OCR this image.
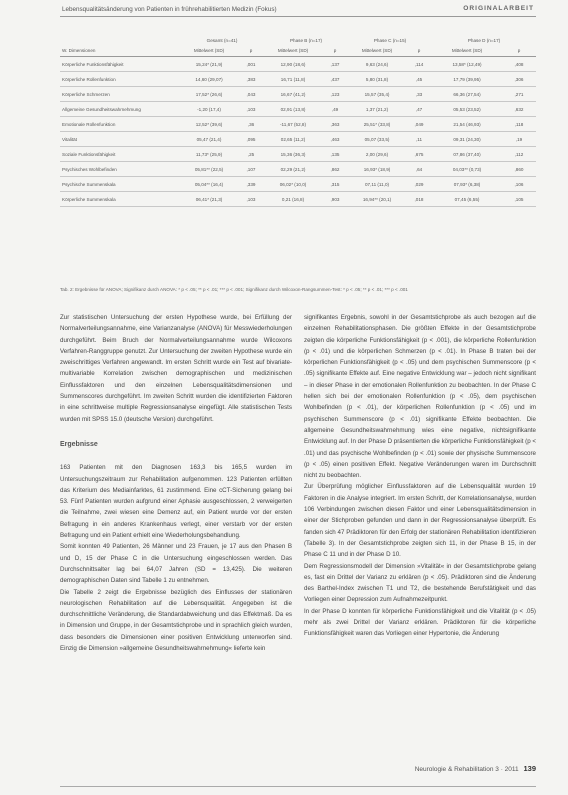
Lebensqualitätsänderung von Patienten in frührehabilitierten Medizin (Fokus)	ORIGINALARBEIT
	Gesamt (n=41)		Phase B (n=17)		Phase C (n=15)		Phase D (n=17)	
W. Dimensionen	Mittelwert (SD)	p	Mittelwert (SD)	p	Mittelwert (SD)	p	Mittelwert (SD)	p
Körperliche Funktionsfähigkeit	15,24* (21,9)	,001	12,90 (18,6)	,137	9,63 (24,6)	,114	13,58* (12,49)	,408
Körperliche Rollenfunktion	14,60 (29,07)	,383	16,71 (11,8)	,437	5,80 (31,8)	,45	17,79 (39,95)	,306
Körperliche Schmerzen	17,52* (26,6)	,043	16,67 (41,2)	,123	15,57 (35,4)	,33	66,36 (27,54)	,271
Allgemeine Gesundheitswahrnehmung	-1,20 (17,4)	,103	02,91 (13,8)	,49	1,37 (21,2)	,47	05,53 (23,52)	,632
Emotionale Rollenfunktion	12,52* (39,6)	,36	-11,67 (52,8)	,363	25,51* (33,8)	,049	21,54 (46,93)	,118
Vitalität	05,47 (21,4)	,095	02,65 (11,2)	,463	05,07 (33,5)	,11	09,31 (24,30)	,19
Soziale Funktionsfähigkeit	11,73* (25,9)	,25	15,36 (36,3)	,135	2,00 (29,6)	,675	07,86 (37,40)	,112
Psychisches Wohlbefinden	05,81** (22,5)	,107	02,29 (21,2)	,862	16,93* (18,9)	,64	04,03** (0,73)	,860
Psychische Summenskala	05,04** (16,4)	,339	06,02* (10,0)	,315	07,11 (11,0)	,029	07,93* (6,38)	,106
Körperliche Summenskala	06,41* (21,3)	,103	0,21 (16,8)	,903	16,94** (20,1)	,018	07,45 (6,55)	,105
Tab. 2: Ergebnisse für ANOVA; Signifikanz durch ANOVA: * p < .05; ** p < .01; *** p < .001; Signifikanz durch Wilcoxon-Rangsummen-Test: * p < .05; ** p < .01; *** p < .001

Zur statistischen Untersuchung der ersten Hypothese wurde, bei Erfüllung der Normalverteilungsannahme, eine Varianzanalyse (ANOVA) für Messwiederholungen durchgeführt. Beim Bruch der Normalverteilungsannahme wurde Wilcoxons Verfahren-Ranggruppe genutzt. Zur Untersuchung der zweiten Hypothese wurde ein zweischrittiges Verfahren angewandt. Im ersten Schritt wurde ein Test auf bivariate-multivariable Korrelation zwischen demographischen und medizinischen Einflussfaktoren und den einzelnen Lebensqualitätsdimensionen und Summenscores durchgeführt. Im zweiten Schritt wurden die identifizierten Faktoren in eine schrittweise multiple Regressionsanalyse eingefügt. Alle statistischen Tests wurden mit SPSS 15.0 (deutsche Version) durchgeführt.

Ergebnisse

163 Patienten mit den Diagnosen 163,3 bis 165,5 wurden im Untersuchungszeitraum zur Rehabilitation aufgenommen. 123 Patienten erfüllten das Kriterium des Mediainfarktes, 61 zustimmend. Eine cCT-Sicherung gelang bei 53. Fünf Patienten wurden aufgrund einer Aphasie ausgeschlossen, 2 verweigerten die Teilnahme, zwei wiesen eine Demenz auf, ein Patient wurde vor der ersten Befragung in ein anderes Krankenhaus verlegt, einer verstarb vor der ersten Befragung und ein Patient erhielt eine Wiederholungsbehandlung.

Somit konnten 49 Patienten, 26 Männer und 23 Frauen, je 17 aus den Phasen B und D, 15 der Phase C in die Untersuchung eingeschlossen werden. Das Durchschnittsalter lag bei 64,07 Jahren (SD = 13,425). Die weiteren demographischen Daten sind Tabelle 1 zu entnehmen.

Die Tabelle 2 zeigt die Ergebnisse bezüglich des Einflusses der stationären neurologischen Rehabilitation auf die Lebensqualität. Angegeben ist die durchschnittliche Veränderung, die Standardabweichung und das Effektmaß. Da es in Dimension und Gruppe, in der Gesamtstichprobe und in sprachlich gleich wurden, dass besonders die Dimensionen einer positiven Entwicklung unterworfen sind. Einzig die Dimension »allgemeine Gesundheitswahrnehmung« lieferte kein

signifikantes Ergebnis, sowohl in der Gesamtstichprobe als auch bezogen auf die einzelnen Rehabilitationsphasen. Die größten Effekte in der Gesamtstichprobe zeigten die körperliche Funktionsfähigkeit (p < .001), die körperliche Rollenfunktion (p < .01) und die körperlichen Schmerzen (p < .01). In Phase B traten bei der körperlichen Funktionsfähigkeit (p < .05) und dem psychischen Summenscore (p < .05) signifikante Effekte auf. Eine negative Entwicklung war – jedoch nicht signifikant – in dieser Phase in der emotionalen Rollenfunktion zu beobachten. In der Phase C hellen sich bei der emotionalen Rollenfunktion (p < .05), dem psychischen Wohlbefinden (p < .01), der körperlichen Rollenfunktion (p < .05) und im psychischen Summenscore (p < .01) signifikante Effekte beobachten. Die allgemeine Gesundheitswahrnehmung wies eine negative, nichtsignifikante Entwicklung auf. In der Phase D präsentierten die körperliche Funktionsfähigkeit (p < .01) und das psychische Wohlbefinden (p < .01) sowie der physische Summenscore (p < .05) einen positiven Effekt. Negative Veränderungen waren im Durchschnitt nicht zu beobachten.

Zur Überprüfung möglicher Einflussfaktoren auf die Lebensqualität wurden 19 Faktoren in die Analyse integriert. Im ersten Schritt, der Korrelationsanalyse, wurden 106 Verbindungen zwischen diesen Faktor und einer Lebensqualitätsdimension in einer der Stichproben gefunden und dann in der Regressionsanalyse überprüft. Es fanden sich 47 Prädiktoren für den Erfolg der stationären Rehabilitation identifizieren (Tabelle 3). In der Gesamtstichprobe zeigten sich 11, in der Phase B 15, in der Phase C 11 und in der Phase D 10.

Dem Regressionsmodell der Dimension »Vitalität« in der Gesamtstichprobe gelang es, fast ein Drittel der Varianz zu erklären (p < .05). Prädiktoren sind die Änderung des Barthel-Index zwischen T1 und T2, die bestehende Berufstätigkeit und das Vorliegen einer Depression zum Aufnahmezeitpunkt.

In der Phase D konnten für körperliche Funktionsfähigkeit und die Vitalität (p < .05) mehr als zwei Drittel der Varianz erklären. Prädiktoren für die körperliche Funktionsfähigkeit waren das Vorliegen einer Hypertonie, die Änderung

Neurologie & Rehabilitation 3 · 2011 139
